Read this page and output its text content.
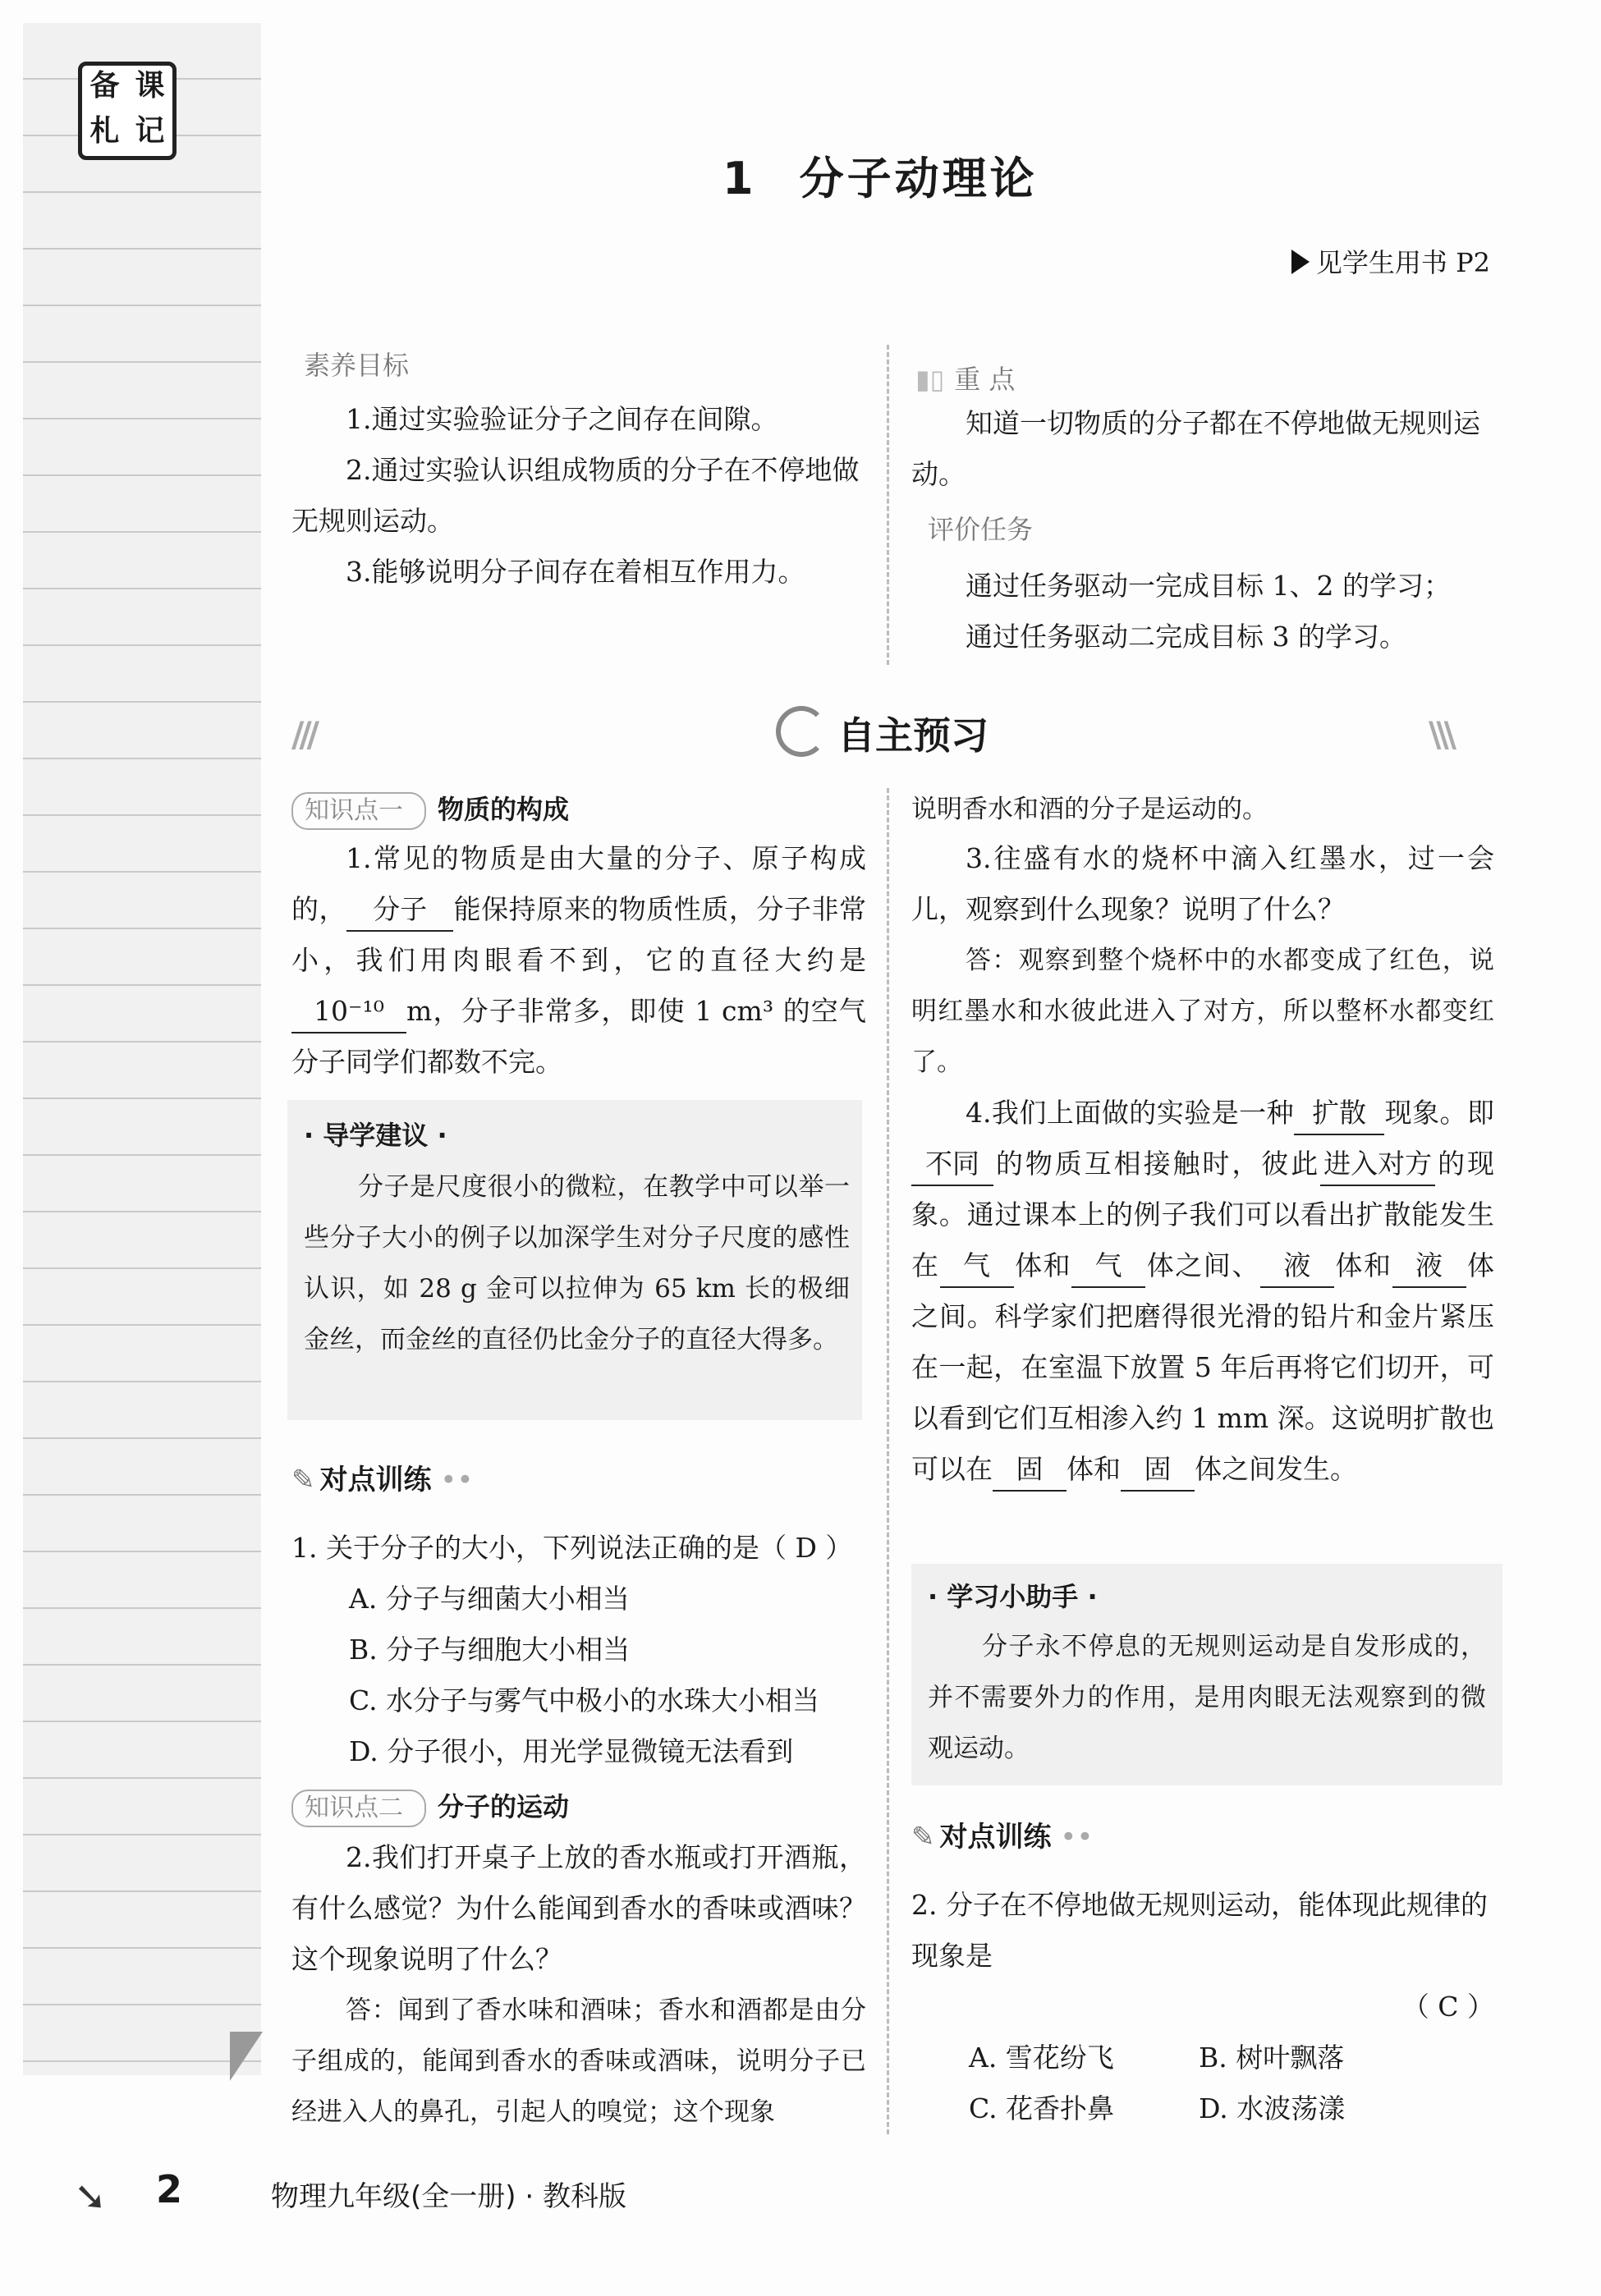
备 课
札 记
1 分子动理论
见学生用书 P2
素养目标

1.通过实验验证分子之间存在间隙。

2.通过实验认识组成物质的分子在不停地做无规则运动。

3.能够说明分子间存在着相互作用力。

▮▯ 重 点

知道一切物质的分子都在不停地做无规则运动。

评价任务

通过任务驱动一完成目标 1、2 的学习；

通过任务驱动二完成目标 3 的学习。

///	自主预习	\\\
知识点一 物质的构成

1.常见的物质是由大量的分子、原子构成的， 分子 能保持原来的物质性质，分子非常小，我们用肉眼看不到，它的直径大约是10⁻¹⁰ m，分子非常多，即使 1 cm³ 的空气分子同学们都数不完。

· 导学建议 ·

分子是尺度很小的微粒，在教学中可以举一些分子大小的例子以加深学生对分子尺度的感性认识，如 28 g 金可以拉伸为 65 km 长的极细金丝，而金丝的直径仍比金分子的直径大得多。

✎ 对点训练 ••

1. 关于分子的大小，下列说法正确的是（ D ）

A. 分子与细菌大小相当

B. 分子与细胞大小相当

C. 水分子与雾气中极小的水珠大小相当

D. 分子很小，用光学显微镜无法看到

知识点二 分子的运动

2.我们打开桌子上放的香水瓶或打开酒瓶，有什么感觉？为什么能闻到香水的香味或酒味？这个现象说明了什么？

答：闻到了香水味和酒味；香水和酒都是由分子组成的，能闻到香水的香味或酒味，说明分子已经进入人的鼻孔，引起人的嗅觉；这个现象

说明香水和酒的分子是运动的。

3.往盛有水的烧杯中滴入红墨水，过一会儿，观察到什么现象？说明了什么？

答：观察到整个烧杯中的水都变成了红色，说明红墨水和水彼此进入了对方，所以整杯水都变红了。

4.我们上面做的实验是一种 扩散 现象。即不同 的物质互相接触时，彼此 进入对方 的现象。通过课本上的例子我们可以看出扩散能发生在 气 体和 气 体之间、 液 体和 液 体之间。科学家们把磨得很光滑的铅片和金片紧压在一起，在室温下放置 5 年后再将它们切开，可以看到它们互相渗入约 1 mm 深。这说明扩散也可以在 固 体和 固 体之间发生。

· 学习小助手 ·

分子永不停息的无规则运动是自发形成的，并不需要外力的作用，是用肉眼无法观察到的微观运动。

✎ 对点训练 ••

2. 分子在不停地做无规则运动，能体现此规律的现象是

（ C ）

A. 雪花纷飞	B. 树叶飘落
C. 花香扑鼻	D. 水波荡漾
➘ 2	物理九年级(全一册) · 教科版
